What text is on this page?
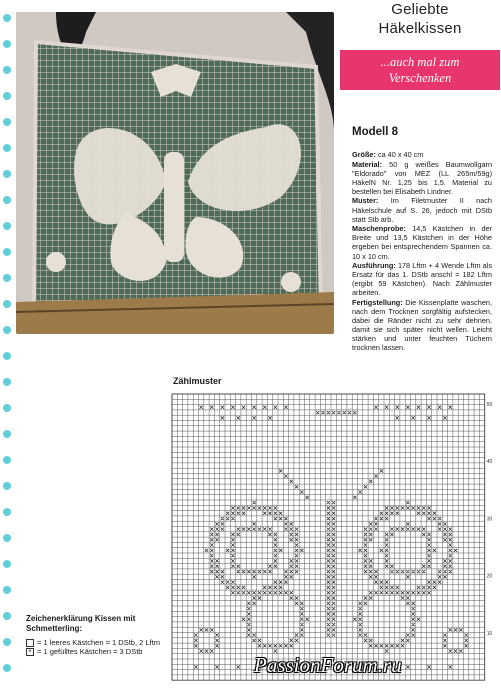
Geliebte
Häkelkissen
...auch mal zum
Verschenken
Modell 8

Größe: ca 40 x 40 cm

Material: 50 g weißes Baumwollgarn "Eldorado" von MEZ (LL 265m/59g) HäkelN Nr. 1,25 bis 1,5. Material zu bestellen bei Elisabeth Lindner.

Muster: Im Filetmuster II nach Häkelschule auf S. 26, jedoch mit DStb statt Stb arb.

Maschenprobe: 14,5 Kästchen in der Breite und 13,5 Kästchen in der Höhe ergeben bei entsprechendem Spannen ca. 10 x 10 cm.

Ausführung: 178 Lftm + 4 Wende Lftm als Ersatz für das 1. DStb anschl = 182 Lftm (ergibt 59 Kästchen). Nach Zählmuster arbeiten.

Fertigstellung: Die Kissenplatte waschen, nach dem Trocknen sorgfältig aufstecken, dabei die Ränder nicht zu sehr dehnen, damit sie sich später nicht wellen. Leicht stärken und unter feuchten Tüchern trocknen lassen.

Zählmuster
50
40
30
20
10
Zeichenerklärung Kissen mit Schmetterling:
= 1 leeres Kästchen = 1 DStb, 2 Lftm
× = 1 gefülltes Kästchen = 3 DStb
PassionForum.ru
